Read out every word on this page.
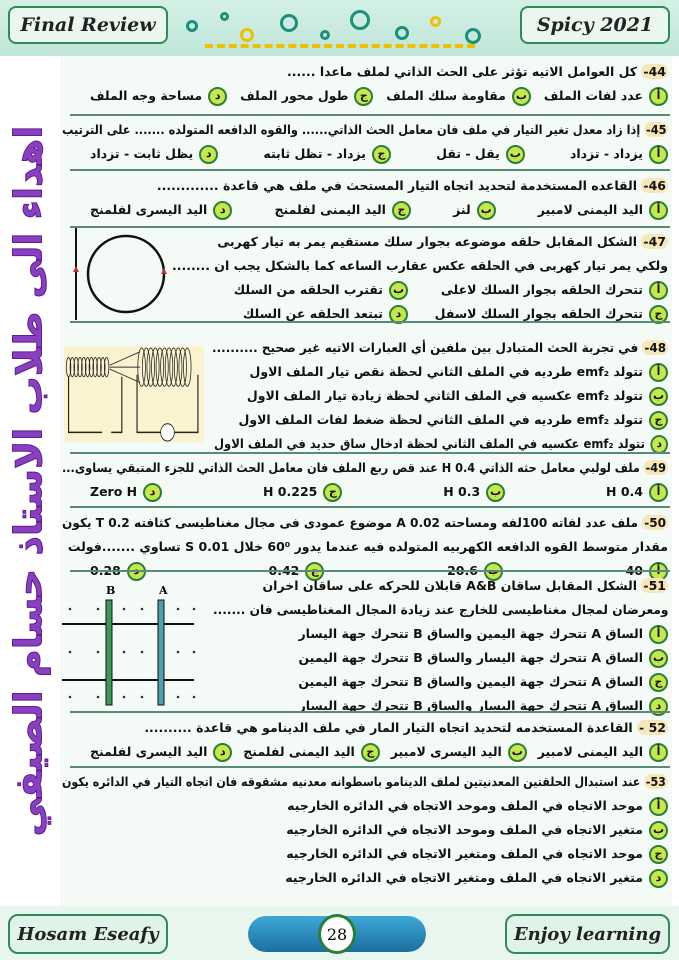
Final Review	Spicy 2021
اهداء الى طلاب الاستاذ حسام الصيفي
44- كل العوامل الاتيه تؤثر على الحث الذاتي لملف ماعدا ......
أ
عدد لفات الملف
ب
مقاومة سلك الملف
ج
طول محور الملف
د
مساحة وجه الملف
45- إذا زاد معدل تغير التيار في ملف فان معامل الحث الذاتي...... والقوه الدافعه المتولده ....... على الترتيب
أ
يزداد - تزداد
ب
يقل - تقل
ج
يزداد - تظل ثابته
د
يظل ثابت - تزداد
46- القاعده المستخدمة لتحديد اتجاه التيار المستحث في ملف هي قاعدة .............
أ
اليد اليمنى لامبير
ب
لنز
ج
اليد اليمنى لفلمنج
د
اليد اليسرى لفلمنج
47- الشكل المقابل حلقه موضوعه بجوار سلك مستقيم يمر به تيار كهربى
ولكي يمر تيار كهربى في الحلقه عكس عقارب الساعه كما بالشكل يجب ان ........
أ
تتحرك الحلقه بجوار السلك لاعلى
ب
تقترب الحلقه من السلك
ج
تتحرك الحلقه بجوار السلك لاسفل
د
تبتعد الحلقه عن السلك
48- في تجربة الحث المتبادل بين ملفين أي العبارات الاتيه غير صحيح ..........
أ
تتولد emf₂ طرديه في الملف الثاني لحظة نقص تيار الملف الاول
ب
تتولد emf₂ عكسيه في الملف الثاني لحظة زيادة تيار الملف الاول
ج
تتولد emf₂ طرديه في الملف الثاني لحظة ضغط لفات الملف الاول
د
تتولد emf₂ عكسيه في الملف الثاني لحظة ادخال ساق حديد في الملف الاول
49- ملف لولبي معامل حثه الذاتي 0.4 H عند قص ربع الملف فان معامل الحث الذاتي للجزء المتبقي يساوى...
أ
0.4 H
ب
0.3 H
ج
0.225 H
د
Zero H
50- ملف عدد لفاته 100لفه ومساحته 0.02 A موضوع عمودى فى مجال مغناطيسى كثافته 0.2 T يكون
مقدار متوسط القوه الدافعه الكهربيه المتولده فيه عندما يدور 60⁰ خلال 0.01 S تساوي .......فولت
أ
40
ب
20.6
ج
0.42
د
0.28
51- الشكل المقابل ساقان A&B قابلان للحركه على ساقان اخران
ومعرضان لمجال مغناطيسى للخارج عند زيادة المجال المغناطيسى فان .......
أ
الساق A تتحرك جهة اليمين والساق B تتحرك جهة اليسار
ب
الساق A تتحرك جهة اليسار والساق B تتحرك جهة اليمين
ج
الساق A تتحرك جهة اليمين والساق B تتحرك جهة اليمين
د
الساق A تتحرك جهة اليسار والساق B تتحرك جهة اليسار
52 - القاعدة المستخدمه لتحديد اتجاه التيار المار في ملف الدينامو هي قاعدة ..........
أ
اليد اليمنى لامبير
ب
اليد اليسرى لامبير
ج
اليد اليمنى لفلمنج
د
اليد اليسرى لفلمنج
53- عند استبدال الحلقتين المعدنيتين لملف الدينامو باسطوانه معدنيه مشقوقه فان اتجاه التيار في الدائره يكون
أ
موحد الاتجاه في الملف وموحد الاتجاه في الدائره الخارجيه
ب
متغير الاتجاه في الملف وموحد الاتجاه في الدائره الخارجيه
ج
موحد الاتجاه في الملف ومتغير الاتجاه في الدائره الخارجيه
د
متغير الاتجاه في الملف ومتغير الاتجاه في الدائره الخارجيه
B	A
Hosam Eseafy	28	Enjoy learning
